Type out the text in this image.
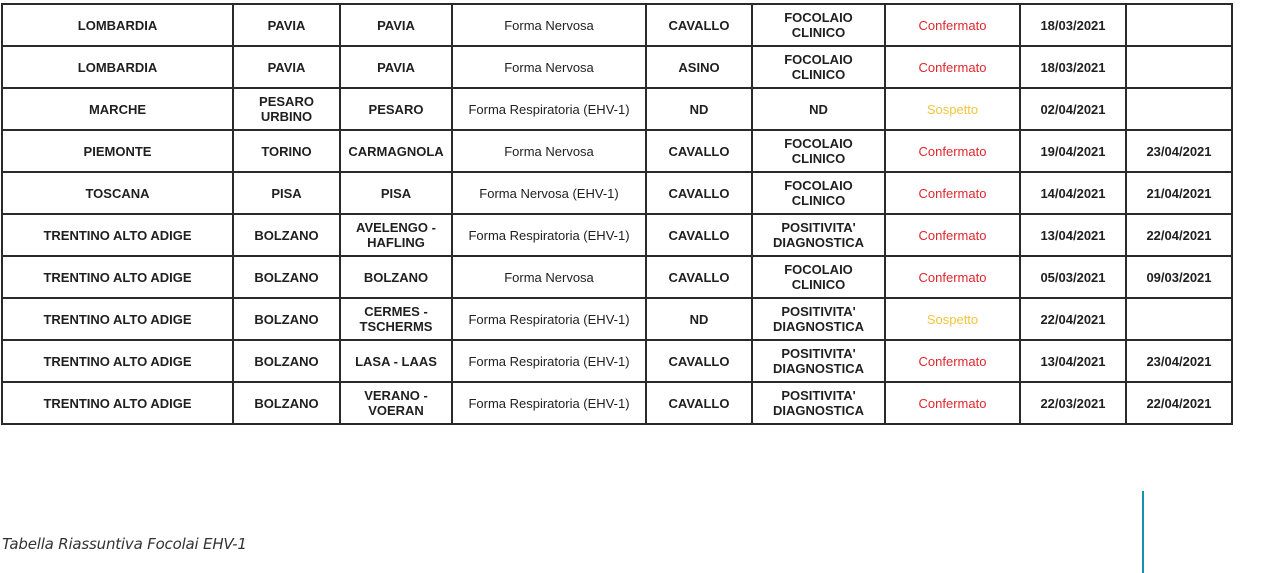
LOMBARDIA	PAVIA	PAVIA	Forma Nervosa	CAVALLO	FOCOLAIO CLINICO	Confermato	18/03/2021	
LOMBARDIA	PAVIA	PAVIA	Forma Nervosa	ASINO	FOCOLAIO CLINICO	Confermato	18/03/2021	
MARCHE	PESARO URBINO	PESARO	Forma Respiratoria (EHV-1)	ND	ND	Sospetto	02/04/2021	
PIEMONTE	TORINO	CARMAGNOLA	Forma Nervosa	CAVALLO	FOCOLAIO CLINICO	Confermato	19/04/2021	23/04/2021
TOSCANA	PISA	PISA	Forma Nervosa (EHV-1)	CAVALLO	FOCOLAIO CLINICO	Confermato	14/04/2021	21/04/2021
TRENTINO ALTO ADIGE	BOLZANO	AVELENGO - HAFLING	Forma Respiratoria (EHV-1)	CAVALLO	POSITIVITA' DIAGNOSTICA	Confermato	13/04/2021	22/04/2021
TRENTINO ALTO ADIGE	BOLZANO	BOLZANO	Forma Nervosa	CAVALLO	FOCOLAIO CLINICO	Confermato	05/03/2021	09/03/2021
TRENTINO ALTO ADIGE	BOLZANO	CERMES - TSCHERMS	Forma Respiratoria (EHV-1)	ND	POSITIVITA' DIAGNOSTICA	Sospetto	22/04/2021	
TRENTINO ALTO ADIGE	BOLZANO	LASA - LAAS	Forma Respiratoria (EHV-1)	CAVALLO	POSITIVITA' DIAGNOSTICA	Confermato	13/04/2021	23/04/2021
TRENTINO ALTO ADIGE	BOLZANO	VERANO - VOERAN	Forma Respiratoria (EHV-1)	CAVALLO	POSITIVITA' DIAGNOSTICA	Confermato	22/03/2021	22/04/2021
Tabella Riassuntiva Focolai EHV-1
